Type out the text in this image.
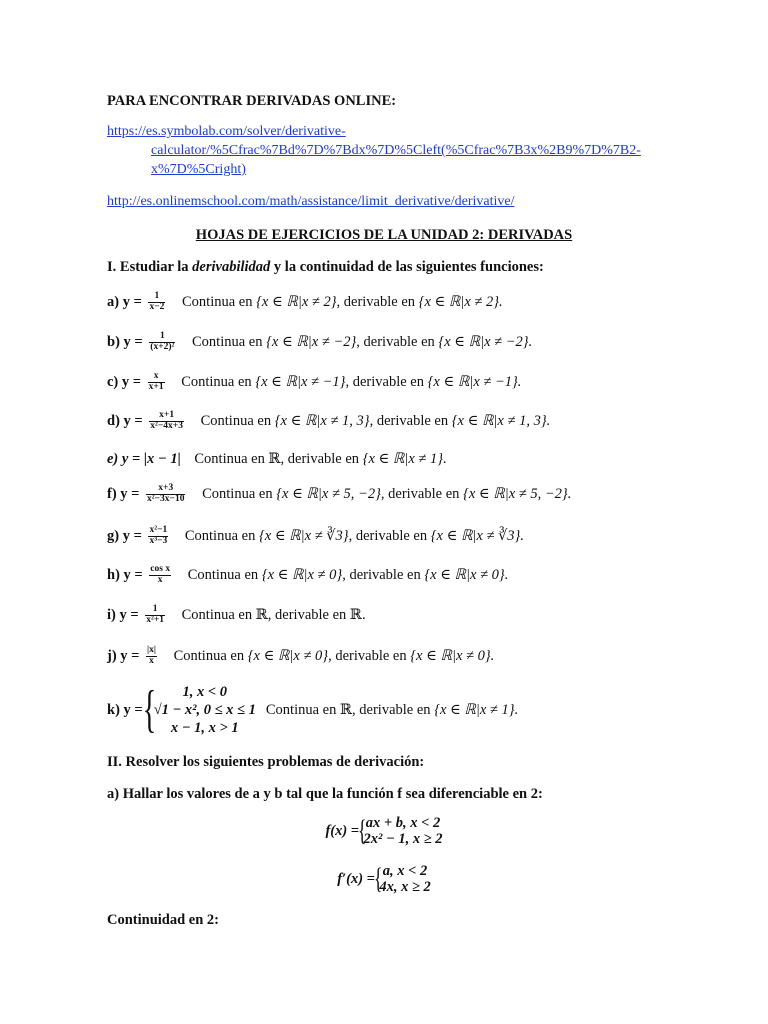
PARA ENCONTRAR DERIVADAS ONLINE:
https://es.symbolab.com/solver/derivative-
calculator/%5Cfrac%7Bd%7D%7Bdx%7D%5Cleft(%5Cfrac%7B3x%2B9%7D%7B2-
x%7D%5Cright)
http://es.onlinemschool.com/math/assistance/limit_derivative/derivative/
HOJAS DE EJERCICIOS DE LA UNIDAD 2: DERIVADAS
I. Estudiar la derivabilidad y la continuidad de las siguientes funciones:
a) $y = \frac{1}{x-2}$ Continua en {x ∈ ℝ|x ≠ 2}, derivable en {x ∈ ℝ|x ≠ 2}.
b) $y = \frac{1}{\text{(x+2)²}}$ Continua en {x ∈ ℝ|x ≠ −2}, derivable en {x ∈ ℝ|x ≠ −2}.
c) $y = \frac{x}{x+1}$ Continua en {x ∈ ℝ|x ≠ −1}, derivable en {x ∈ ℝ|x ≠ −1}.
d) $y = \frac{x+1}{\text{x²−4x+3}}$ Continua en {x ∈ ℝ|x ≠ 1, 3}, derivable en {x ∈ ℝ|x ≠ 1, 3}.
e) y = |x − 1| Continua en ℝ, derivable en {x ∈ ℝ|x ≠ 1}.
f) $y = \frac{x+3}{\text{x²−3x−10}}$ Continua en {x ∈ ℝ|x ≠ 5, −2}, derivable en {x ∈ ℝ|x ≠ 5, −2}.
g) $y = \frac{\text{x²−1}}{\text{x³−3}}$ Continua en {x ∈ ℝ|x ≠ ∛3}, derivable en {x ∈ ℝ|x ≠ ∛3}.
h) $y = \frac{\text{cos x}}{x}$ Continua en {x ∈ ℝ|x ≠ 0}, derivable en {x ∈ ℝ|x ≠ 0}.
i) $y = \frac{1}{\text{x²+1}}$ Continua en ℝ, derivable en ℝ.
j) $y = \frac{|x|}{x}$ Continua en {x ∈ ℝ|x ≠ 0}, derivable en {x ∈ ℝ|x ≠ 0}.
k) y = {	1, x < 0
√1 − x², 0 ≤ x ≤ 1
x − 1, x > 1
Continua en ℝ, derivable en {x ∈ ℝ|x ≠ 1}.
II. Resolver los siguientes problemas de derivación:
a) Hallar los valores de a y b tal que la función f sea diferenciable en 2:
f(x) =
{ ax + b, x < 2
2x² − 1, x ≥ 2
f′(x) =
{ a, x < 2
4x, x ≥ 2
Continuidad en 2:
